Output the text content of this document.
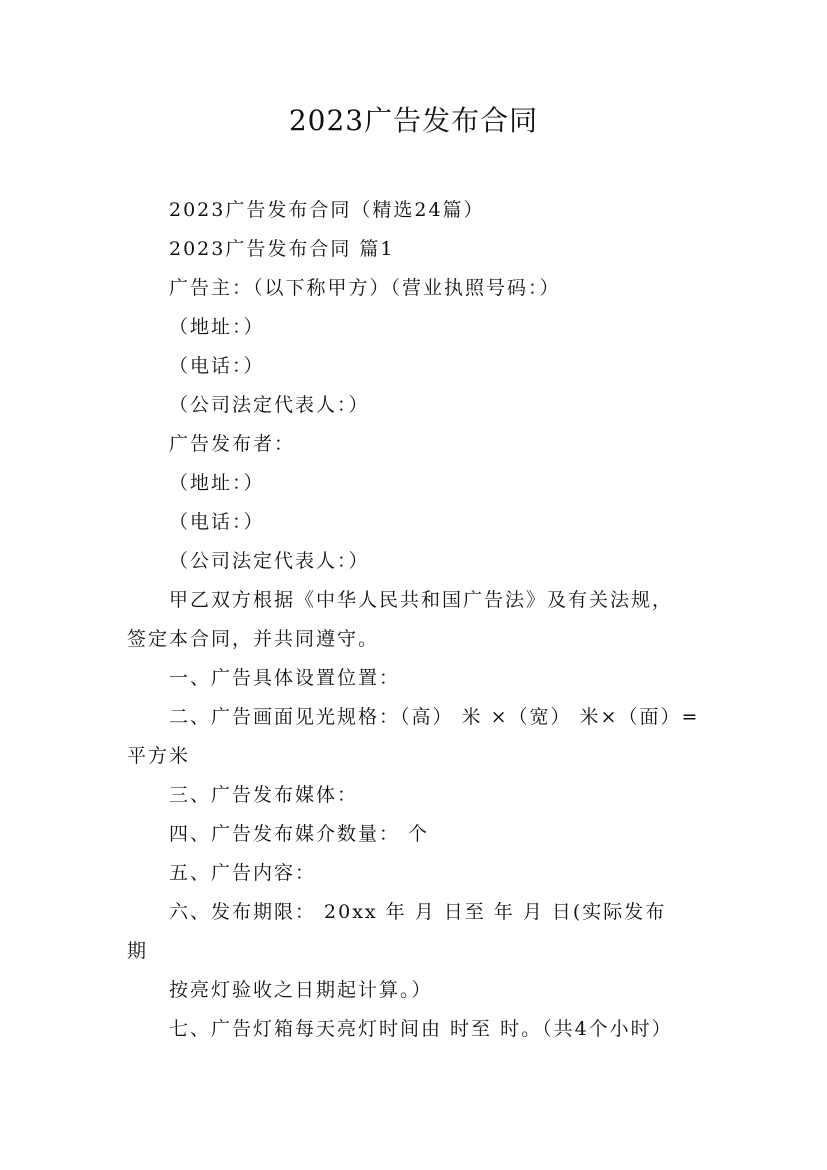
2023广告发布合同
2023广告发布合同（精选24篇）
2023广告发布合同 篇1
广告主：（以下称甲方）（营业执照号码：）
（地址：）
（电话：）
（公司法定代表人：）
广告发布者：
（地址：）
（电话：）
（公司法定代表人：）
甲乙双方根据《中华人民共和国广告法》及有关法规，
签定本合同，并共同遵守。
一、广告具体设置位置：
二、广告画面见光规格：（高） 米 ×（宽） 米×（面）=
平方米
三、广告发布媒体：
四、广告发布媒介数量： 个
五、广告内容：
六、发布期限： 20xx 年 月 日至 年 月 日(实际发布
期
按亮灯验收之日期起计算。）
七、广告灯箱每天亮灯时间由 时至 时。（共4个小时）
